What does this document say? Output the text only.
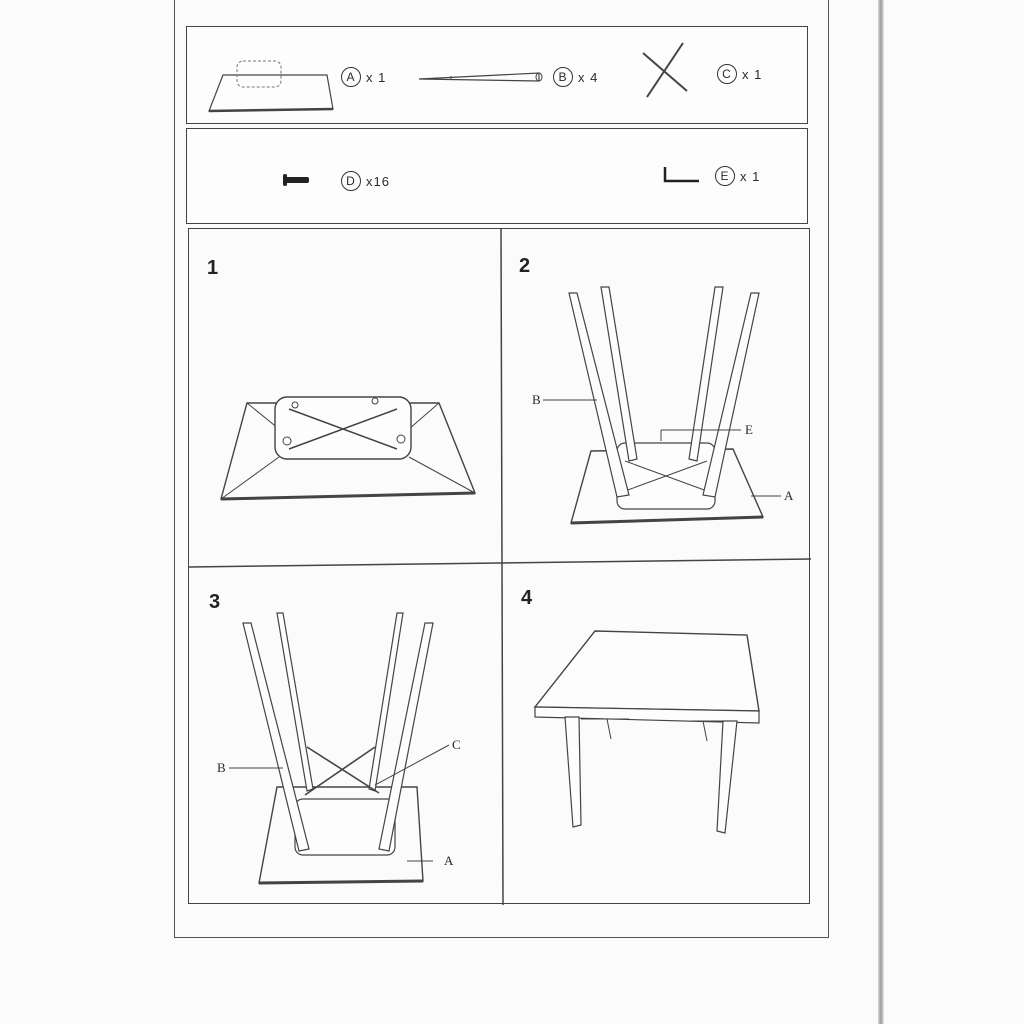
A x 1	B x 4	C x 1
D x16	E x 1
1	2
B
E
A
3
B
C
A
4
